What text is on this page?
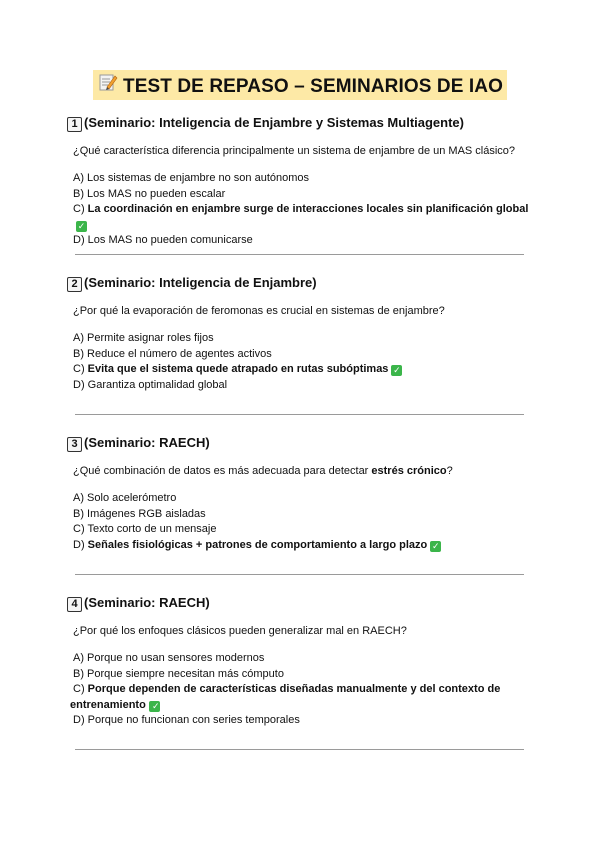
TEST DE REPASO – SEMINARIOS DE IAO
1 (Seminario: Inteligencia de Enjambre y Sistemas Multiagente)
¿Qué característica diferencia principalmente un sistema de enjambre de un MAS clásico?
A) Los sistemas de enjambre no son autónomos
B) Los MAS no pueden escalar
C) La coordinación en enjambre surge de interacciones locales sin planificación global✓
D) Los MAS no pueden comunicarse
2 (Seminario: Inteligencia de Enjambre)
¿Por qué la evaporación de feromonas es crucial en sistemas de enjambre?
A) Permite asignar roles fijos
B) Reduce el número de agentes activos
C) Evita que el sistema quede atrapado en rutas subóptimas ✓
D) Garantiza optimalidad global
3 (Seminario: RAECH)
¿Qué combinación de datos es más adecuada para detectar estrés crónico?
A) Solo acelerómetro
B) Imágenes RGB aisladas
C) Texto corto de un mensaje
D) Señales fisiológicas + patrones de comportamiento a largo plazo ✓
4 (Seminario: RAECH)
¿Por qué los enfoques clásicos pueden generalizar mal en RAECH?
A) Porque no usan sensores modernos
B) Porque siempre necesitan más cómputo
C) Porque dependen de características diseñadas manualmente y del contexto de entrenamiento ✓
D) Porque no funcionan con series temporales
